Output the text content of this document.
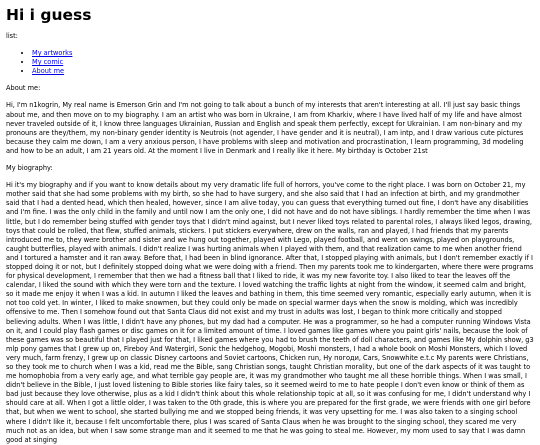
Hi i guess

list:

• My artworks
• My comic
• About me

About me:

Hi, I'm n1kogrin, My real name is Emerson Grin and I'm not going to talk about a bunch of my interests that aren't interesting at all. I'll just say basic things about me, and then move on to my biography. I am an artist who was born in Ukraine, I am from Kharkiv, where I have lived half of my life and have almost never traveled outside of it, I know three languages Ukrainian, Russian and English and speak them perfectly, except for Ukrainian. I am non-binary and my pronouns are they/them, my non-binary gender identity is Neutrois (not agender, I have gender and it is neutral), I am intp, and I draw various cute pictures because they calm me down, I am a very anxious person, I have problems with sleep and motivation and procrastination, I learn programming, 3d modeling and how to be an adult, I am 21 years old. At the moment I live in Denmark and I really like it here. My birthday is October 21st

My biography:

Hi it's my biography and if you want to know details about my very dramatic life full of horrors, you've come to the right place. I was born on October 21, my mother said that she had some problems with my birth, so she had to have surgery, and she also said that I had an infection at birth, and my grandmother said that I had a dented head, which then healed, however, since I am alive today, you can guess that everything turned out fine, I don't have any disabilities and I'm fine. I was the only child in the family and until now I am the only one, I did not have and do not have siblings. I hardly remember the time when I was little, but I do remember being stuffed with gender toys that I didn't mind against, but I never liked toys related to parental roles, I always liked legos, drawing, toys that could be rolled, that flew, stuffed animals, stickers. I put stickers everywhere, drew on the walls, ran and played, I had friends that my parents introduced me to, they were brother and sister and we hung out together, played with Lego, played football, and went on swings, played on playgrounds, caught butterflies, played with animals. I didn't realize I was hurting animals when I played with them, and that realization came to me when another friend and I tortured a hamster and it ran away. Before that, I had been in blind ignorance. After that, I stopped playing with animals, but I don't remember exactly if I stopped doing it or not, but I definitely stopped doing what we were doing with a friend. Then my parents took me to kindergarten, where there were programs for physical development, I remember that then we had a fitness ball that I liked to ride, it was my new favorite toy. I also liked to tear the leaves off the calendar, I liked the sound with which they were torn and the texture. I loved watching the traffic lights at night from the window, it seemed calm and bright, so it made me enjoy it when I was a kid. In autumn I liked the leaves and bathing in them, this time seemed very romantic, especially early autumn, when it is not too cold yet. In winter, I liked to make snowmen, but they could only be made on special warmer days when the snow is molding, which was incredibly offensive to me. Then I somehow found out that Santa Claus did not exist and my trust in adults was lost, I began to think more critically and stopped believing adults. When I was little, I didn't have any phones, but my dad had a computer. He was a programmer, so he had a computer running Windows Vista on it, and I could play flash games or disc games on it for a limited amount of time. I loved games like games where you paint girls' nails, because the look of these games was so beautiful that I played just for that, I liked games where you had to brush the teeth of doll characters, and games like My dolphin show, g3 mlp pony games that I grew up on, Fireboy And Watergirl, Sonic the hedgehog, Mogobi, Moshi monsters, I had a whole book on Moshi Monsters, which I loved very much, farm frenzy, I grew up on classic Disney cartoons and Soviet cartoons, Chicken run, Ну погоди, Cars, Snowwhite e.t.c My parents were Christians, so they took me to church when I was a kid, read me the Bible, sang Christian songs, taught Christian morality, but one of the dark aspects of it was taught to me homophobia from a very early age, and what terrible gay people are, it was my grandmother who taught me all these horrible things. When I was small, I didn't believe in the Bible, I just loved listening to Bible stories like fairy tales, so it seemed weird to me to hate people I don't even know or think of them as bad just because they love otherwise, plus as a kid I didn't think about this whole relationship topic at all, so it was confusing for me, I didn't understand why I should care at all. When I got a little older, I was taken to the 0th grade, this is where you are prepared for the first grade, we were friends with one girl before that, but when we went to school, she started bullying me and we stopped being friends, it was very upsetting for me. I was also taken to a singing school where I didn't like it, because I felt uncomfortable there, plus I was scared of Santa Claus when he was brought to the singing school, they scared me very much not as an idea, but when I saw some strange man and it seemed to me that he was going to steal me. However, my mom used to say that I was damn good at singing
